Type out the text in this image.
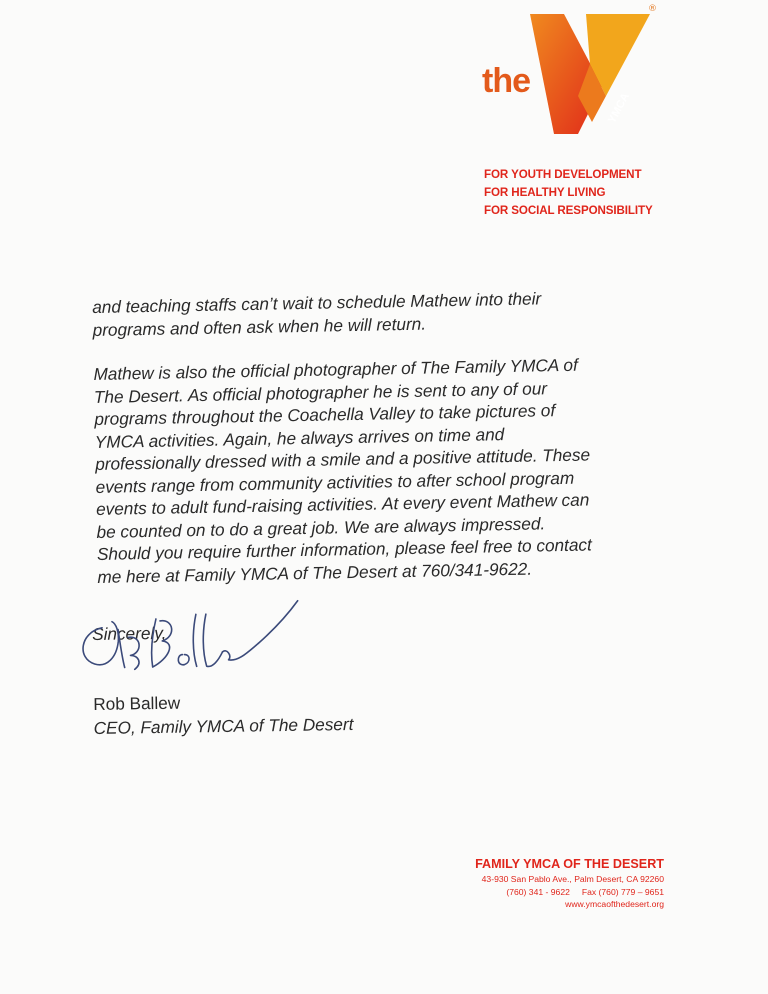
the
®
YMCA
FOR YOUTH DEVELOPMENT
FOR HEALTHY LIVING
FOR SOCIAL RESPONSIBILITY

and teaching staffs can’t wait to schedule Mathew into their
programs and often ask when he will return.

Mathew is also the official photographer of The Family YMCA of
The Desert. As official photographer he is sent to any of our
programs throughout the Coachella Valley to take pictures of
YMCA activities. Again, he always arrives on time and
professionally dressed with a smile and a positive attitude. These
events range from community activities to after school program
events to adult fund-raising activities. At every event Mathew can
be counted on to do a great job. We are always impressed.
Should you require further information, please feel free to contact
me here at Family YMCA of The Desert at 760/341-9622.

Sincerely,
Rob Ballew
CEO, Family YMCA of The Desert
FAMILY YMCA OF THE DESERT
43-930 San Pablo Ave., Palm Desert, CA 92260
(760) 341 - 9622     Fax (760) 779 – 9651
www.ymcaofthedesert.org
